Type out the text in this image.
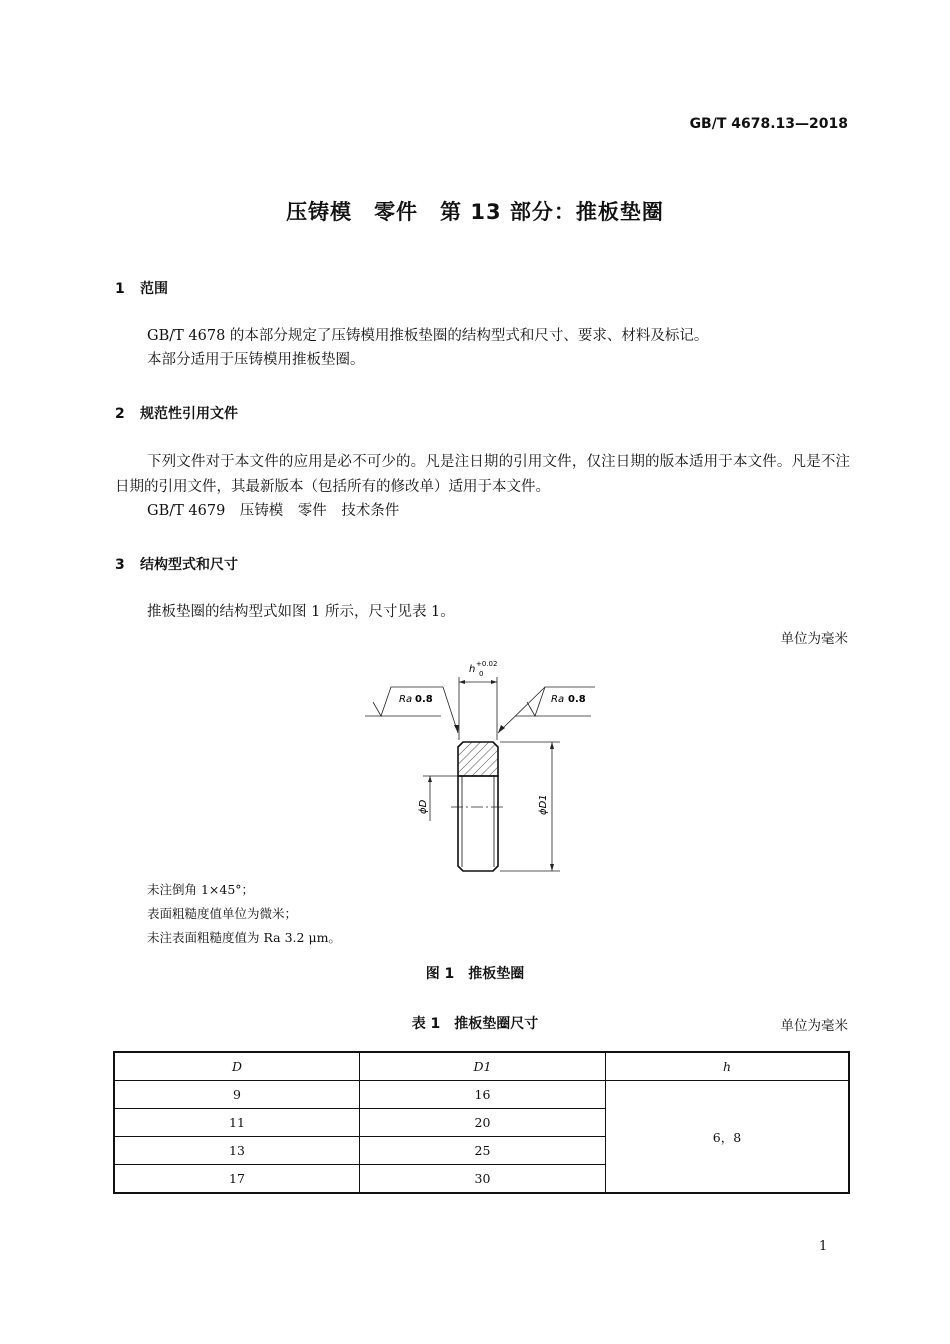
GB/T 4678.13—2018
压铸模　零件　第 13 部分：推板垫圈
1 范围
GB/T 4678 的本部分规定了压铸模用推板垫圈的结构型式和尺寸、要求、材料及标记。
本部分适用于压铸模用推板垫圈。
2 规范性引用文件
下列文件对于本文件的应用是必不可少的。凡是注日期的引用文件，仅注日期的版本适用于本文件。凡是不注日期的引用文件，其最新版本（包括所有的修改单）适用于本文件。
GB/T 4679　压铸模　零件　技术条件
3 结构型式和尺寸
推板垫圈的结构型式如图 1 所示，尺寸见表 1。
单位为毫米
h +0.02
0
Ra 0.8	Ra 0.8
ϕD	ϕD1
未注倒角 1×45°；
表面粗糙度值单位为微米；
未注表面粗糙度值为 Ra 3.2 μm。
图 1　推板垫圈
表 1　推板垫圈尺寸	单位为毫米
D	D1	h
9	16	6，8
11	20	
13	25	
17	30	
1
